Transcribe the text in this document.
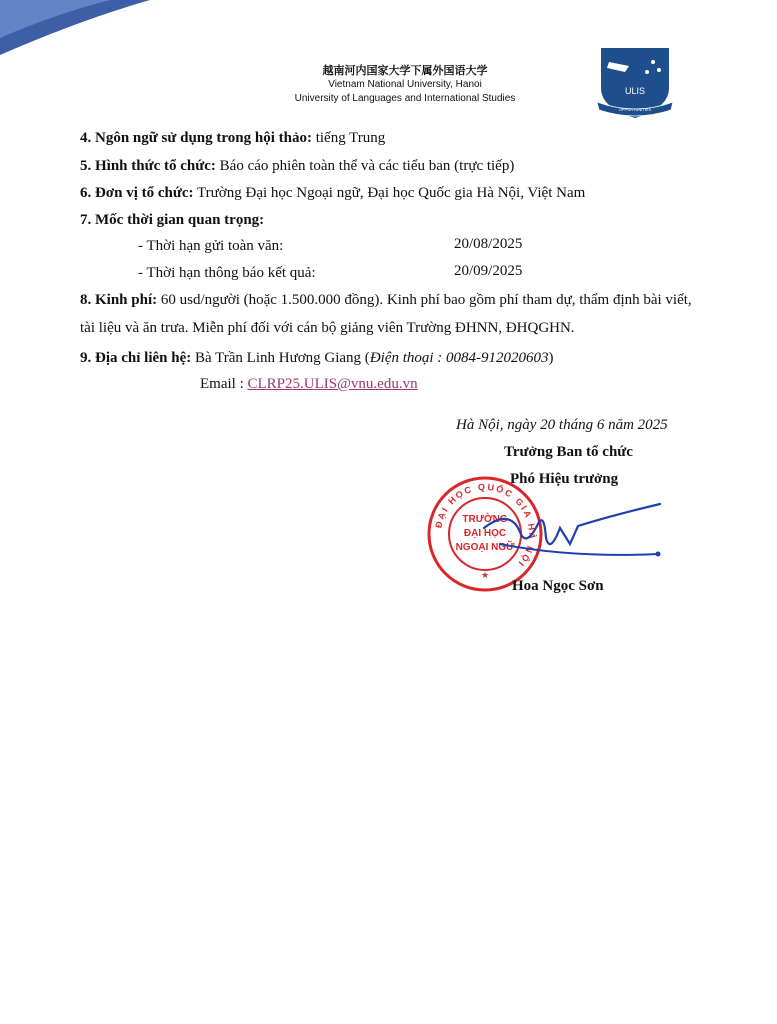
越南河内国家大学下属外国语大学
Vietnam National University, Hanoi
University of Languages and International Studies
ULIS
OPPORTUNITIES
4. Ngôn ngữ sử dụng trong hội thảo: tiếng Trung
5. Hình thức tổ chức: Báo cáo phiên toàn thể và các tiểu ban (trực tiếp)
6. Đơn vị tổ chức: Trường Đại học Ngoại ngữ, Đại học Quốc gia Hà Nội, Việt Nam
7. Mốc thời gian quan trọng:
- Thời hạn gửi toàn văn:	20/08/2025
- Thời hạn thông báo kết quả:	20/09/2025
8. Kinh phí: 60 usd/người (hoặc 1.500.000 đồng). Kinh phí bao gồm phí tham dự, thẩm định bài viết,
tài liệu và ăn trưa. Miễn phí đối với cán bộ giảng viên Trường ĐHNN, ĐHQGHN.
9. Địa chỉ liên hệ: Bà Trần Linh Hương Giang (Điện thoại : 0084-912020603)
Email : CLRP25.ULIS@vnu.edu.vn
Hà Nội, ngày 20 tháng 6 năm 2025
Trưởng Ban tổ chức
Phó Hiệu trưởng
ĐẠI HỌC QUỐC GIA HÀ NỘI
TRƯỜNG
ĐẠI HỌC
NGOẠI NGỮ
★
Hoa Ngọc Sơn
